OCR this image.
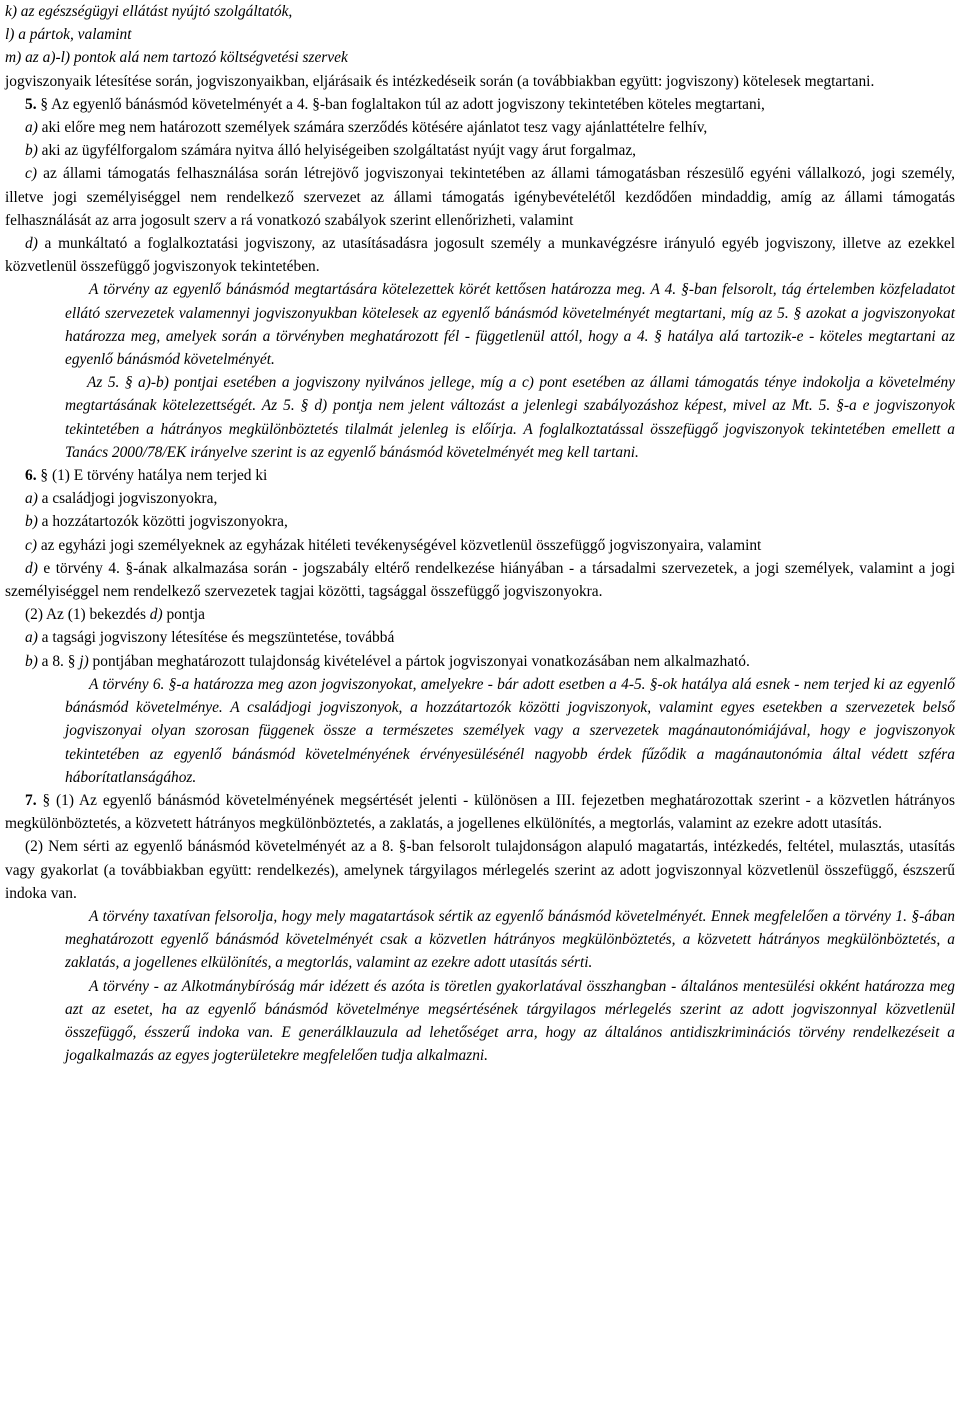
k) az egészségügyi ellátást nyújtó szolgáltatók,

l) a pártok, valamint

m) az a)-l) pontok alá nem tartozó költségvetési szervek

jogviszonyaik létesítése során, jogviszonyaikban, eljárásaik és intézkedéseik során (a továbbiakban együtt: jogviszony) kötelesek megtartani.

5. § Az egyenlő bánásmód követelményét a 4. §-ban foglaltakon túl az adott jogviszony tekintetében köteles megtartani,

a) aki előre meg nem határozott személyek számára szerződés kötésére ajánlatot tesz vagy ajánlattételre felhív,

b) aki az ügyfélforgalom számára nyitva álló helyiségeiben szolgáltatást nyújt vagy árut forgalmaz,

c) az állami támogatás felhasználása során létrejövő jogviszonyai tekintetében az állami támogatásban részesülő egyéni vállalkozó, jogi személy, illetve jogi személyiséggel nem rendelkező szervezet az állami támogatás igénybevételétől kezdődően mindaddig, amíg az állami támogatás felhasználását az arra jogosult szerv a rá vonatkozó szabályok szerint ellenőrizheti, valamint

d) a munkáltató a foglalkoztatási jogviszony, az utasításadásra jogosult személy a munkavégzésre irányuló egyéb jogviszony, illetve az ezekkel közvetlenül összefüggő jogviszonyok tekintetében.

A törvény az egyenlő bánásmód megtartására kötelezettek körét kettősen határozza meg. A 4. §-ban felsorolt, tág értelemben közfeladatot ellátó szervezetek valamennyi jogviszonyukban kötelesek az egyenlő bánásmód követelményét megtartani, míg az 5. § azokat a jogviszonyokat határozza meg, amelyek során a törvényben meghatározott fél - függetlenül attól, hogy a 4. § hatálya alá tartozik-e - köteles megtartani az egyenlő bánásmód követelményét.

Az 5. § a)-b) pontjai esetében a jogviszony nyilvános jellege, míg a c) pont esetében az állami támogatás ténye indokolja a követelmény megtartásának kötelezettségét. Az 5. § d) pontja nem jelent változást a jelenlegi szabályozáshoz képest, mivel az Mt. 5. §-a e jogviszonyok tekintetében a hátrányos megkülönböztetés tilalmát jelenleg is előírja. A foglalkoztatással összefüggő jogviszonyok tekintetében emellett a Tanács 2000/78/EK irányelve szerint is az egyenlő bánásmód követelményét meg kell tartani.

6. § (1) E törvény hatálya nem terjed ki

a) a családjogi jogviszonyokra,

b) a hozzátartozók közötti jogviszonyokra,

c) az egyházi jogi személyeknek az egyházak hitéleti tevékenységével közvetlenül összefüggő jogviszonyaira, valamint

d) e törvény 4. §-ának alkalmazása során - jogszabály eltérő rendelkezése hiányában - a társadalmi szervezetek, a jogi személyek, valamint a jogi személyiséggel nem rendelkező szervezetek tagjai közötti, tagsággal összefüggő jogviszonyokra.

(2) Az (1) bekezdés d) pontja

a) a tagsági jogviszony létesítése és megszüntetése, továbbá

b) a 8. § j) pontjában meghatározott tulajdonság kivételével a pártok jogviszonyai vonatkozásában nem alkalmazható.

A törvény 6. §-a határozza meg azon jogviszonyokat, amelyekre - bár adott esetben a 4-5. §-ok hatálya alá esnek - nem terjed ki az egyenlő bánásmód követelménye. A családjogi jogviszonyok, a hozzátartozók közötti jogviszonyok, valamint egyes esetekben a szervezetek belső jogviszonyai olyan szorosan függenek össze a természetes személyek vagy a szervezetek magánautonómiájával, hogy e jogviszonyok tekintetében az egyenlő bánásmód követelményének érvényesülésénél nagyobb érdek fűződik a magánautonómia által védett szféra háborítatlanságához.

7. § (1) Az egyenlő bánásmód követelményének megsértését jelenti - különösen a III. fejezetben meghatározottak szerint - a közvetlen hátrányos megkülönböztetés, a közvetett hátrányos megkülönböztetés, a zaklatás, a jogellenes elkülönítés, a megtorlás, valamint az ezekre adott utasítás.

(2) Nem sérti az egyenlő bánásmód követelményét az a 8. §-ban felsorolt tulajdonságon alapuló magatartás, intézkedés, feltétel, mulasztás, utasítás vagy gyakorlat (a továbbiakban együtt: rendelkezés), amelynek tárgyilagos mérlegelés szerint az adott jogviszonnyal közvetlenül összefüggő, észszerű indoka van.

A törvény taxatívan felsorolja, hogy mely magatartások sértik az egyenlő bánásmód követelményét. Ennek megfelelően a törvény 1. §-ában meghatározott egyenlő bánásmód követelményét csak a közvetlen hátrányos megkülönböztetés, a közvetett hátrányos megkülönböztetés, a zaklatás, a jogellenes elkülönítés, a megtorlás, valamint az ezekre adott utasítás sérti.

A törvény - az Alkotmánybíróság már idézett és azóta is töretlen gyakorlatával összhangban - általános mentesülési okként határozza meg azt az esetet, ha az egyenlő bánásmód követelménye megsértésének tárgyilagos mérlegelés szerint az adott jogviszonnyal közvetlenül összefüggő, ésszerű indoka van. E generálklauzula ad lehetőséget arra, hogy az általános antidiszkriminációs törvény rendelkezéseit a jogalkalmazás az egyes jogterületekre megfelelően tudja alkalmazni.
